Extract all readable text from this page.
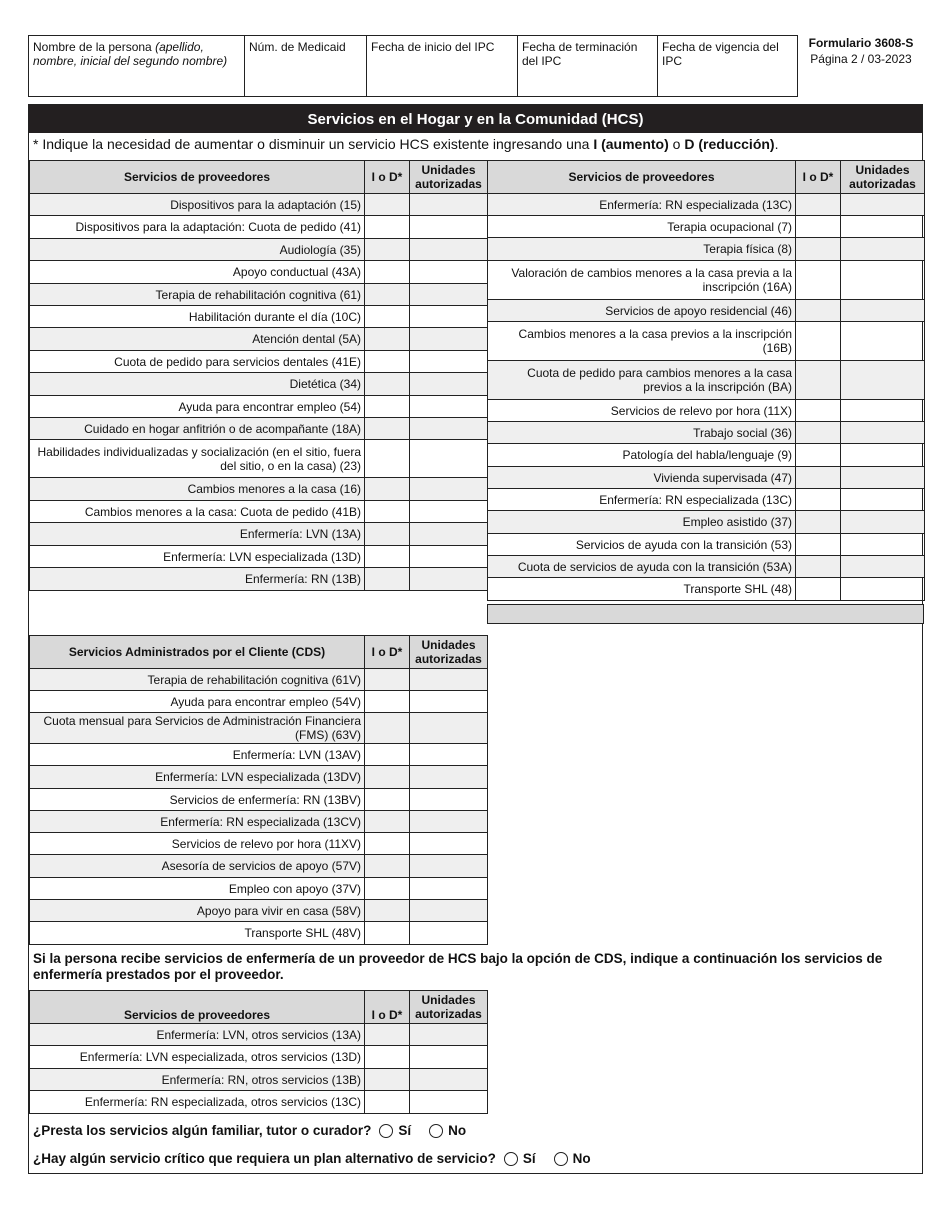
Nombre de la persona (apellido, nombre, inicial del segundo nombre)
Núm. de Medicaid	Fecha de inicio del IPC	Fecha de terminación del IPC
Fecha de vigencia del IPC
Formulario 3608-S
Página 2 / 03-2023
Servicios en el Hogar y en la Comunidad (HCS)
* Indique la necesidad de aumentar o disminuir un servicio HCS existente ingresando una I (aumento) o D (reducción).
Servicios de proveedores	I o D*	Unidades autorizadas
Dispositivos para la adaptación (15)		
Dispositivos para la adaptación: Cuota de pedido (41)		
Audiología (35)		
Apoyo conductual (43A)		
Terapia de rehabilitación cognitiva (61)		
Habilitación durante el día (10C)		
Atención dental (5A)		
Cuota de pedido para servicios dentales (41E)		
Dietética (34)		
Ayuda para encontrar empleo (54)		
Cuidado en hogar anfitrión o de acompañante (18A)		
Habilidades individualizadas y socialización (en el sitio, fuera del sitio, o en la casa) (23)		
Cambios menores a la casa (16)		
Cambios menores a la casa: Cuota de pedido (41B)		
Enfermería: LVN (13A)		
Enfermería: LVN especializada (13D)		
Enfermería: RN (13B)		
Servicios de proveedores	I o D*	Unidades autorizadas
Enfermería: RN especializada (13C)		
Terapia ocupacional (7)		
Terapia física (8)		
Valoración de cambios menores a la casa previa a la inscripción (16A)		
Servicios de apoyo residencial (46)		
Cambios menores a la casa previos a la inscripción (16B)		
Cuota de pedido para cambios menores a la casa previos a la inscripción (BA)		
Servicios de relevo por hora (11X)		
Trabajo social (36)		
Patología del habla/lenguaje (9)		
Vivienda supervisada (47)		
Enfermería: RN especializada (13C)		
Empleo asistido (37)		
Servicios de ayuda con la transición (53)		
Cuota de servicios de ayuda con la transición (53A)		
Transporte SHL (48)		
Servicios Administrados por el Cliente (CDS)	I o D*	Unidades autorizadas
Terapia de rehabilitación cognitiva (61V)		
Ayuda para encontrar empleo (54V)		
Cuota mensual para Servicios de Administración Financiera (FMS) (63V)		
Enfermería: LVN (13AV)		
Enfermería: LVN especializada (13DV)		
Servicios de enfermería: RN (13BV)		
Enfermería: RN especializada (13CV)		
Servicios de relevo por hora (11XV)		
Asesoría de servicios de apoyo (57V)		
Empleo con apoyo (37V)		
Apoyo para vivir en casa (58V)		
Transporte SHL (48V)		
Si la persona recibe servicios de enfermería de un proveedor de HCS bajo la opción de CDS, indique a continuación los servicios de enfermería prestados por el proveedor.
Servicios de proveedores	I o D*	Unidades autorizadas
Enfermería: LVN, otros servicios (13A)		
Enfermería: LVN especializada, otros servicios (13D)		
Enfermería: RN, otros servicios (13B)		
Enfermería: RN especializada, otros servicios (13C)		
¿Presta los servicios algún familiar, tutor o curador? Sí	No
¿Hay algún servicio crítico que requiera un plan alternativo de servicio? Sí	No
